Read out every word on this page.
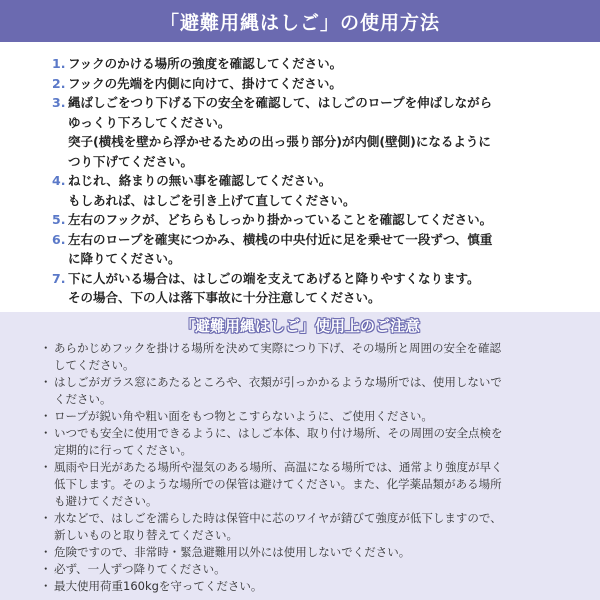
「避難用縄はしご」の使用方法
1. フックのかける場所の強度を確認してください。
2. フックの先端を内側に向けて、掛けてください。
3. 縄ばしごをつり下げる下の安全を確認して、はしごのロープを伸ばしながら
ゆっくり下ろしてください。
突子(横桟を壁から浮かせるための出っ張り部分)が内側(壁側)になるように
つり下げてください。
4. ねじれ、絡まりの無い事を確認してください。
もしあれば、はしごを引き上げて直してください。
5. 左右のフックが、どちらもしっかり掛かっていることを確認してください。
6. 左右のロープを確実につかみ、横桟の中央付近に足を乗せて一段ずつ、慎重
に降りてください。
7. 下に人がいる場合は、はしごの端を支えてあげると降りやすくなります。
その場合、下の人は落下事故に十分注意してください。
「避難用縄はしご」使用上のご注意
・ あらかじめフックを掛ける場所を決めて実際につり下げ、その場所と周囲の安全を確認
してください。
・ はしごがガラス窓にあたるところや、衣類が引っかかるような場所では、使用しないで
ください。
・ ロープが鋭い角や粗い面をもつ物とこすらないように、ご使用ください。
・ いつでも安全に使用できるように、はしご本体、取り付け場所、その周囲の安全点検を
定期的に行ってください。
・ 風雨や日光があたる場所や湿気のある場所、高温になる場所では、通常より強度が早く
低下します。そのような場所での保管は避けてください。また、化学薬品類がある場所
も避けてください。
・ 水などで、はしごを濡らした時は保管中に芯のワイヤが錆びて強度が低下しますので、
新しいものと取り替えてください。
・ 危険ですので、非常時・緊急避難用以外には使用しないでください。
・ 必ず、一人ずつ降りてください。
・ 最大使用荷重160kgを守ってください。
